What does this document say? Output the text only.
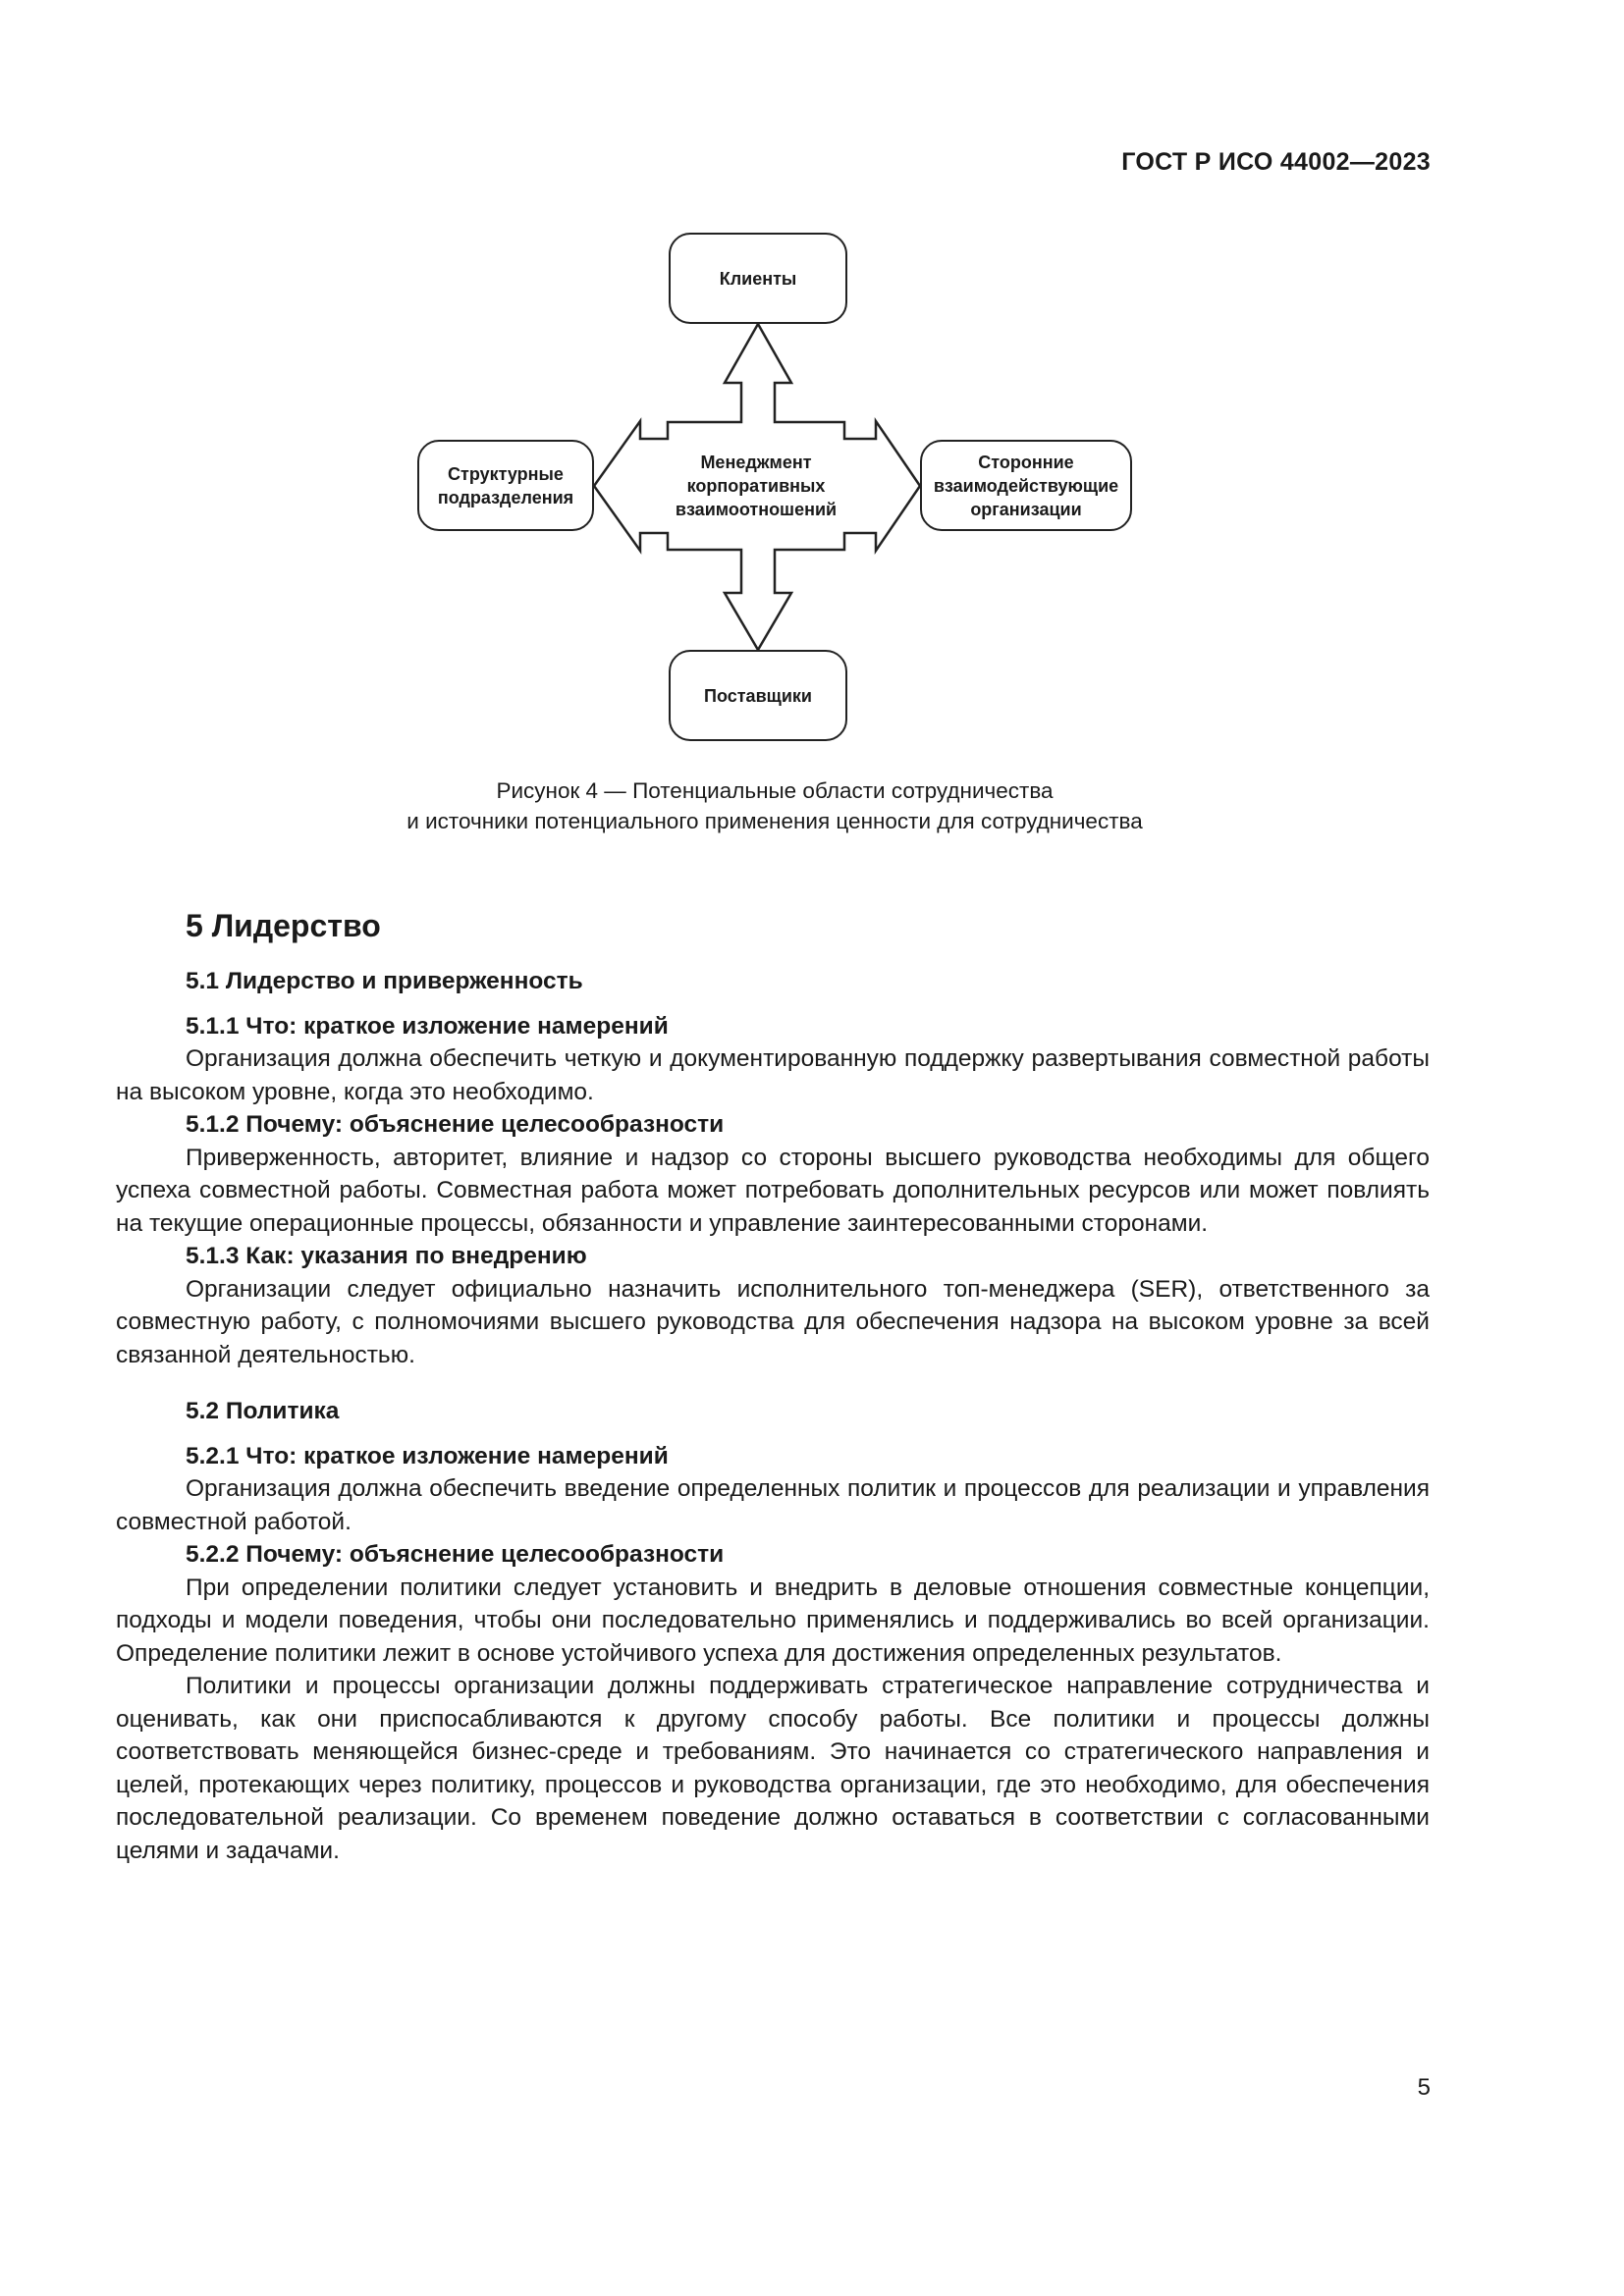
ГОСТ Р ИСО 44002—2023
Менеджмент
корпоративных
взаимоотношений
Клиенты
Структурные
подразделения
Сторонние
взаимодействующие
организации
Поставщики
Рисунок 4 — Потенциальные области сотрудничества
и источники потенциального применения ценности для сотрудничества
5 Лидерство
5.1 Лидерство и приверженность
5.1.1 Что: краткое изложение намерений

Организация должна обеспечить четкую и документированную поддержку развертывания совместной работы на высоком уровне, когда это необходимо.

5.1.2 Почему: объяснение целесообразности

Приверженность, авторитет, влияние и надзор со стороны высшего руководства необходимы для общего успеха совместной работы. Совместная работа может потребовать дополнительных ресурсов или может повлиять на текущие операционные процессы, обязанности и управление заинтересованными сторонами.

5.1.3 Как: указания по внедрению

Организации следует официально назначить исполнительного топ-менеджера (SER), ответственного за совместную работу, с полномочиями высшего руководства для обеспечения надзора на высоком уровне за всей связанной деятельностью.

5.2 Политика
5.2.1 Что: краткое изложение намерений

Организация должна обеспечить введение определенных политик и процессов для реализации и управления совместной работой.

5.2.2 Почему: объяснение целесообразности

При определении политики следует установить и внедрить в деловые отношения совместные концепции, подходы и модели поведения, чтобы они последовательно применялись и поддерживались во всей организации. Определение политики лежит в основе устойчивого успеха для достижения определенных результатов.

Политики и процессы организации должны поддерживать стратегическое направление сотрудничества и оценивать, как они приспосабливаются к другому способу работы. Все политики и процессы должны соответствовать меняющейся бизнес-среде и требованиям. Это начинается со стратегического направления и целей, протекающих через политику, процессов и руководства организации, где это необходимо, для обеспечения последовательной реализации. Со временем поведение должно оставаться в соответствии с согласованными целями и задачами.

5
